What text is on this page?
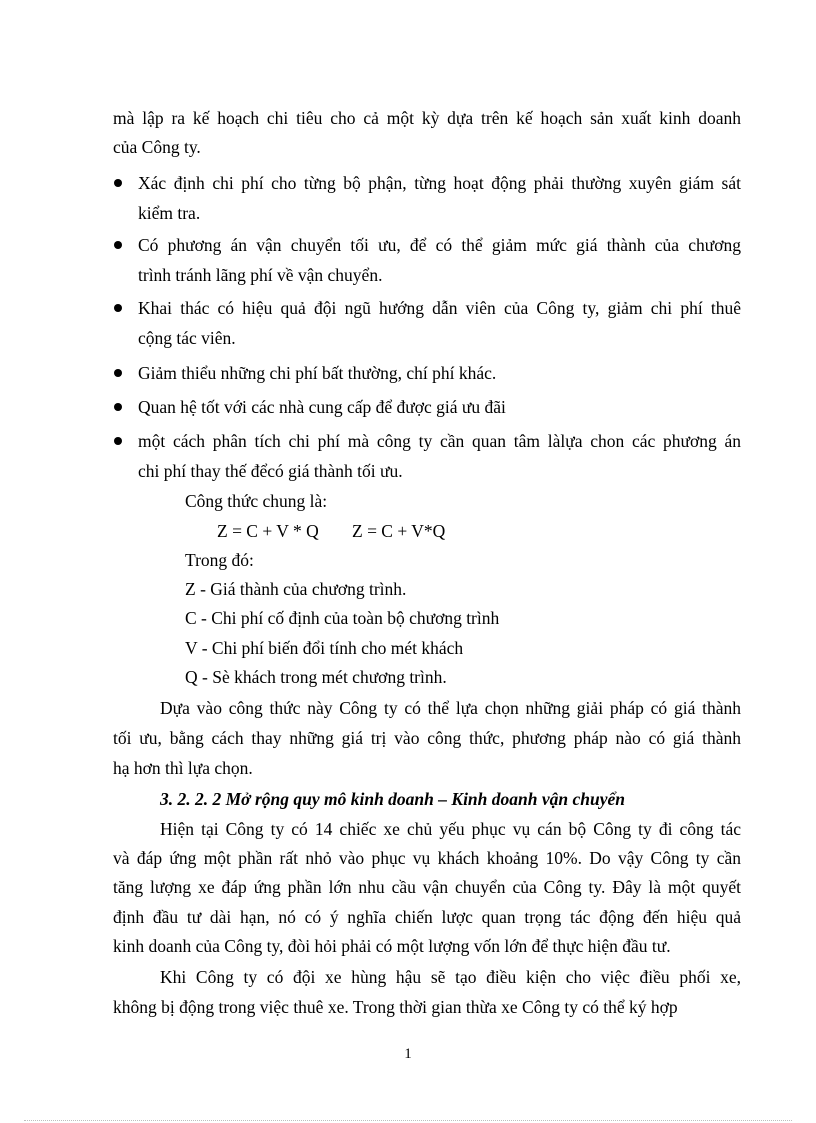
mà lập ra kế hoạch chi tiêu cho cả một kỳ dựa trên kế hoạch sản xuất kinh doanh
của Công ty.
Xác định chi phí cho từng bộ phận, từng hoạt động phải thường xuyên giám sát
kiểm tra.
Có phương án vận chuyển tối ưu, để có thể giảm mức giá thành của chương
trình tránh lãng phí về vận chuyển.
Khai thác có hiệu quả đội ngũ hướng dẫn viên của Công ty, giảm chi phí thuê
cộng tác viên.
Giảm thiểu những chi phí bất thường, chí phí khác.
Quan hệ tốt với các nhà cung cấp để được giá ưu đãi
một cách phân tích chi phí mà công ty cần quan tâm làlựa chon các phương án
chi phí thay thế đểcó giá thành tối ưu.
Công thức chung là:
Z = C + V * Q Z = C + V*Q
Trong đó:
Z - Giá thành của chương trình.
C - Chi phí cố định của toàn bộ chương trình
V - Chi phí biến đổi tính cho mét khách
Q - Sè khách trong mét chương trình.
Dựa vào công thức này Công ty có thể lựa chọn những giải pháp có giá thành
tối ưu, bằng cách thay những giá trị vào công thức, phương pháp nào có giá thành
hạ hơn thì lựa chọn.
3. 2. 2. 2 Mở rộng quy mô kinh doanh – Kinh doanh vận chuyển
Hiện tại Công ty có 14 chiếc xe chủ yếu phục vụ cán bộ Công ty đi công tác
và đáp ứng một phần rất nhỏ vào phục vụ khách khoảng 10%. Do vậy Công ty cần
tăng lượng xe đáp ứng phần lớn nhu cầu vận chuyển của Công ty. Đây là một quyết
định đầu tư dài hạn, nó có ý nghĩa chiến lược quan trọng tác động đến hiệu quả
kinh doanh của Công ty, đòi hỏi phải có một lượng vốn lớn để thực hiện đầu tư.
Khi Công ty có đội xe hùng hậu sẽ tạo điều kiện cho việc điều phối xe,
không bị động trong việc thuê xe. Trong thời gian thừa xe Công ty có thể ký hợp
1
